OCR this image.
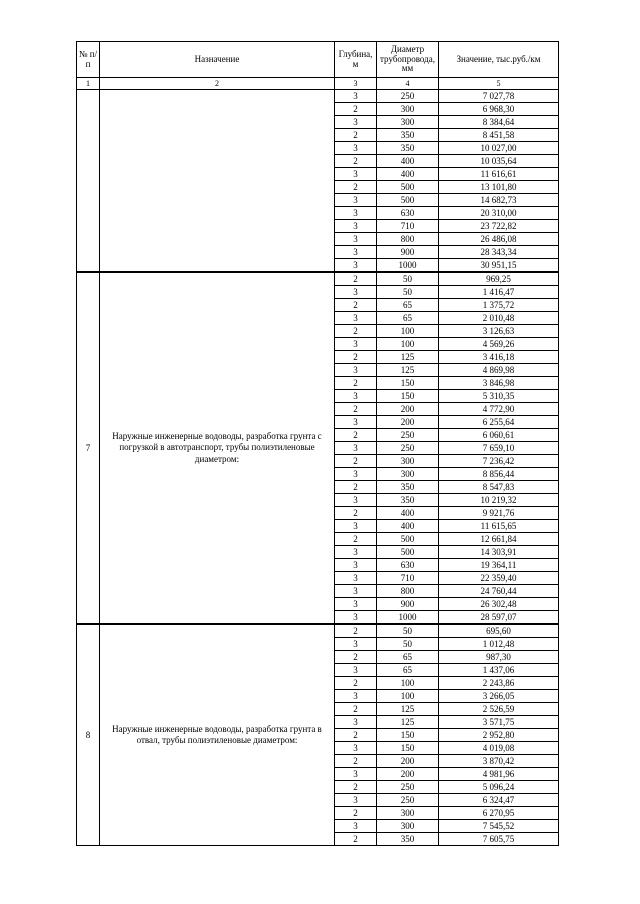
№ п/п	Назначение	Глубина, м	Диаметр трубопровода, мм	Значение, тыс.руб./км
1	2	3	4	5
		3	250	7 027,78
		2	300	6 968,30
		3	300	8 384,64
		2	350	8 451,58
		3	350	10 027,00
		2	400	10 035,64
		3	400	11 616,61
		2	500	13 101,80
		3	500	14 682,73
		3	630	20 310,00
		3	710	23 722,82
		3	800	26 486,08
		3	900	28 343,34
		3	1000	30 951,15
7	Наружные инженерные водоводы, разработка грунта с погрузкой в автотранспорт, трубы полиэтиленовые диаметром:	2	50	969,25
		3	50	1 416,47
		2	65	1 375,72
		3	65	2 010,48
		2	100	3 126,63
		3	100	4 569,26
		2	125	3 416,18
		3	125	4 869,98
		2	150	3 846,98
		3	150	5 310,35
		2	200	4 772,90
		3	200	6 255,64
		2	250	6 060,61
		3	250	7 659,10
		2	300	7 236,42
		3	300	8 856,44
		2	350	8 547,83
		3	350	10 219,32
		2	400	9 921,76
		3	400	11 615,65
		2	500	12 661,84
		3	500	14 303,91
		3	630	19 364,11
		3	710	22 359,40
		3	800	24 760,44
		3	900	26 302,48
		3	1000	28 597,07
8	Наружные инженерные водоводы, разработка грунта в отвал, трубы полиэтиленовые диаметром:	2	50	695,60
		3	50	1 012,48
		2	65	987,30
		3	65	1 437,06
		2	100	2 243,86
		3	100	3 266,05
		2	125	2 526,59
		3	125	3 571,75
		2	150	2 952,80
		3	150	4 019,08
		2	200	3 870,42
		3	200	4 981,96
		2	250	5 096,24
		3	250	6 324,47
		2	300	6 270,95
		3	300	7 545,52
		2	350	7 605,75
